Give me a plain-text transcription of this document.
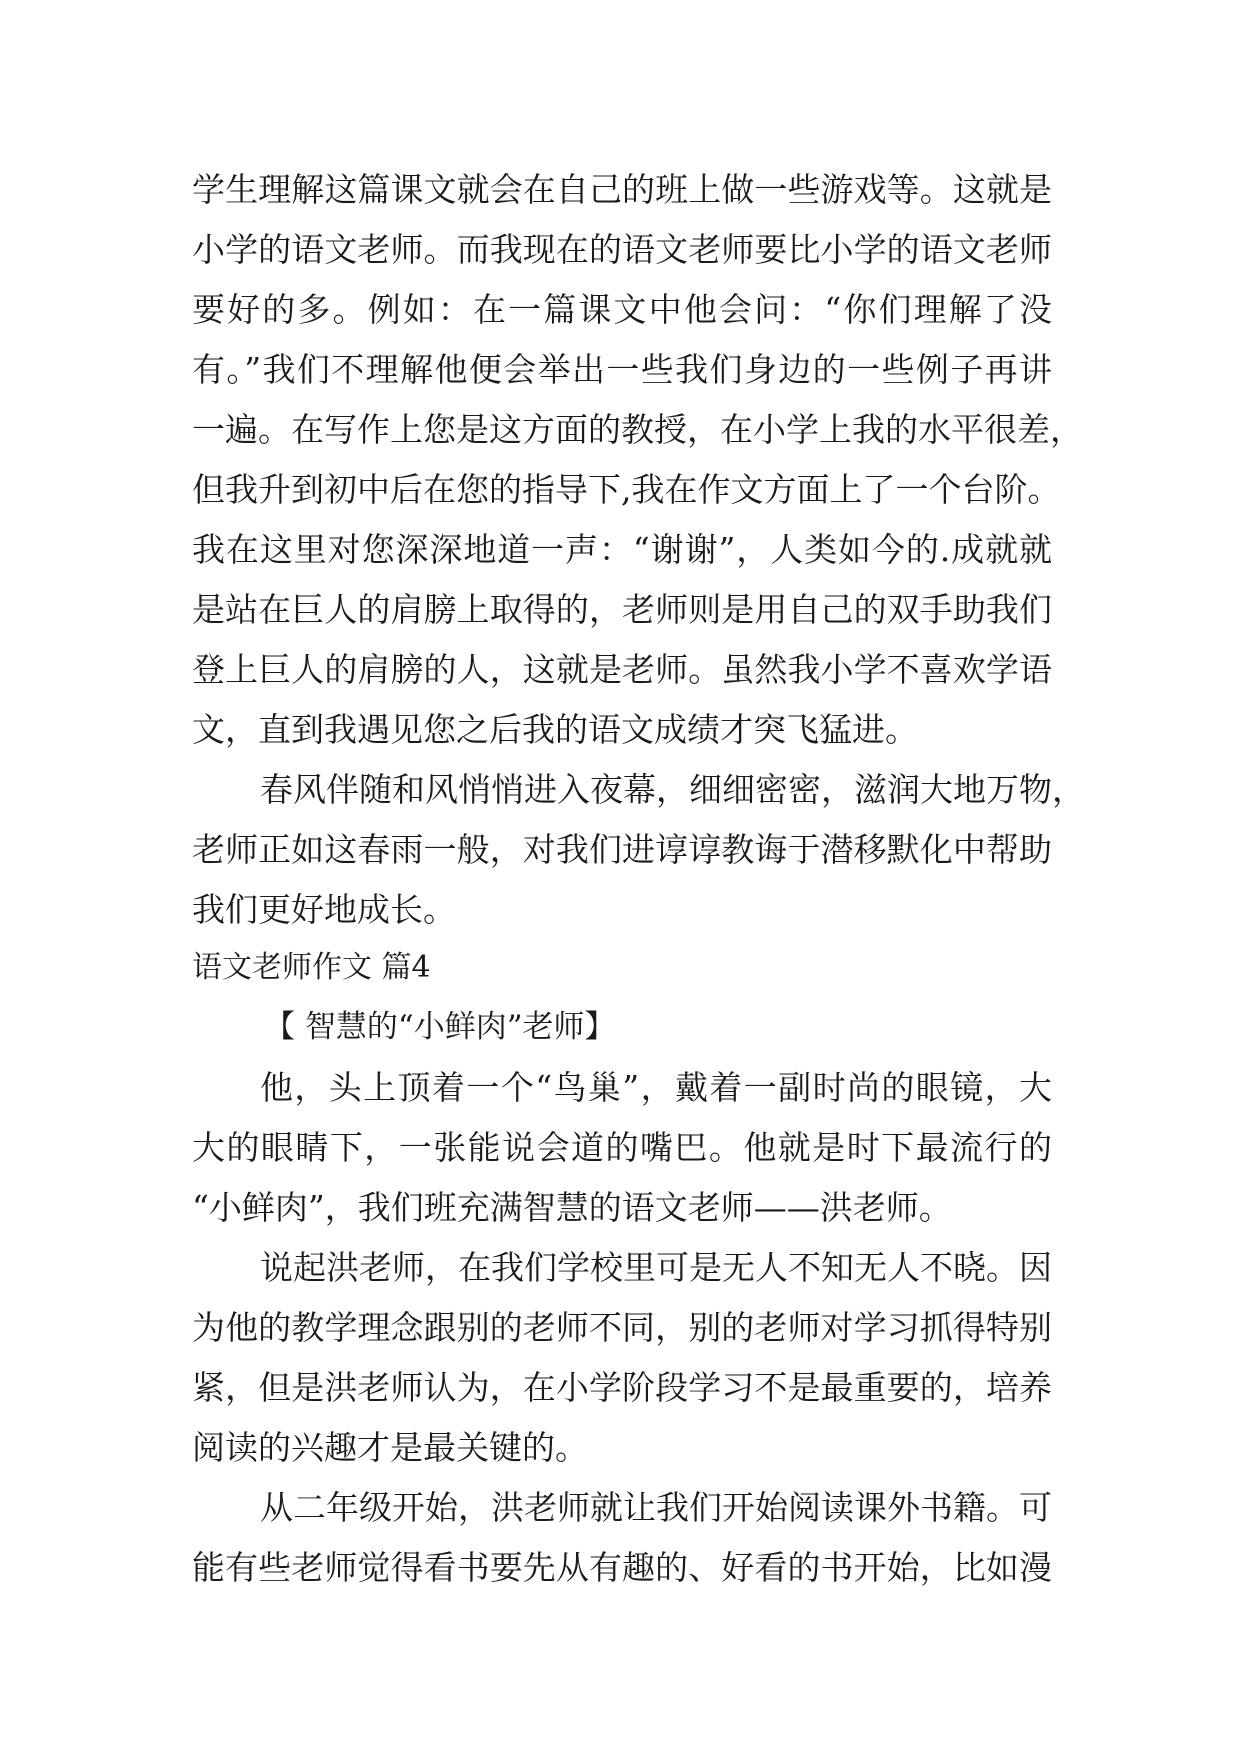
学生理解这篇课文就会在自己的班上做一些游戏等。这就是
小学的语文老师。而我现在的语文老师要比小学的语文老师
要好的多。例如：在一篇课文中他会问：“你们理解了没
有。”我们不理解他便会举出一些我们身边的一些例子再讲
一遍。在写作上您是这方面的教授，在小学上我的水平很差，
但我升到初中后在您的指导下,我在作文方面上了一个台阶。
我在这里对您深深地道一声：“谢谢”，人类如今的.成就就
是站在巨人的肩膀上取得的，老师则是用自己的双手助我们
登上巨人的肩膀的人，这就是老师。虽然我小学不喜欢学语
文，直到我遇见您之后我的语文成绩才突飞猛进。
春风伴随和风悄悄进入夜幕，细细密密，滋润大地万物，
老师正如这春雨一般，对我们进谆谆教诲于潜移默化中帮助
我们更好地成长。
语文老师作文 篇4
【 智慧的“小鲜肉”老师】
他，头上顶着一个“鸟巢”，戴着一副时尚的眼镜，大
大的眼睛下，一张能说会道的嘴巴。他就是时下最流行的
“小鲜肉”，我们班充满智慧的语文老师——洪老师。
说起洪老师，在我们学校里可是无人不知无人不晓。因
为他的教学理念跟别的老师不同，别的老师对学习抓得特别
紧，但是洪老师认为，在小学阶段学习不是最重要的，培养
阅读的兴趣才是最关键的。
从二年级开始，洪老师就让我们开始阅读课外书籍。可
能有些老师觉得看书要先从有趣的、好看的书开始，比如漫
